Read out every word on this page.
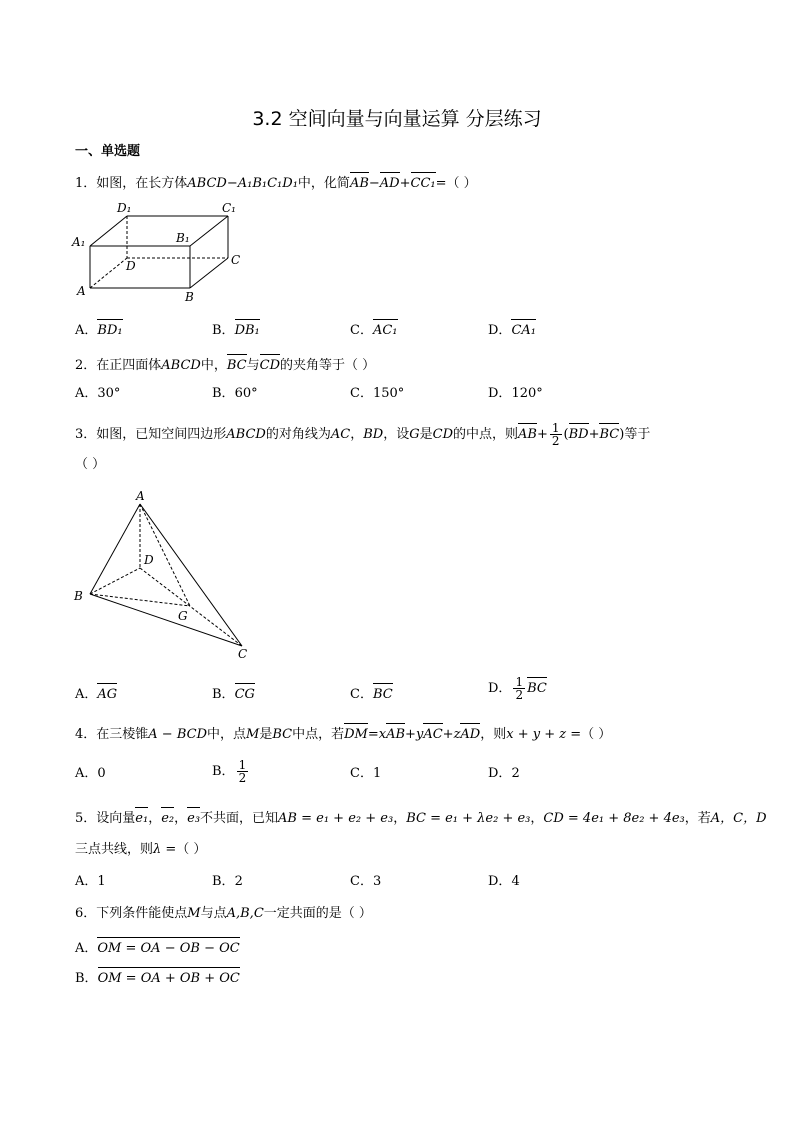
3.2 空间向量与向量运算 分层练习
一、单选题
1．如图，在长方体ABCD−A₁B₁C₁D₁中，化简AB−AD+CC₁=（ ）
D₁	C₁
A₁	B₁
D	C
A	B
A．BD₁	B．DB₁	C．AC₁	D．CA₁
2．在正四面体ABCD中，BC与CD的夹角等于（ ）
A．30°	B．60°	C．150°	D．120°
3．如图，已知空间四边形ABCD的对角线为AC，BD，设G是CD的中点，则$AB+ \frac{1}{2} (BD+BC)$等于
（ ）
A
D
B
G
C
A．AG	B．CG	C．BC	D． $\frac{1}{2}$ BC
4．在三棱锥A − BCD中，点M是BC中点，若DM=xAB+yAC+zAD，则x + y + z =（ ）
A．0	B． $\frac{1}{2}$	C．1	D．2
5．设向量e₁，e₂，e₃不共面，已知AB = e₁ + e₂ + e₃，BC = e₁ + λe₂ + e₃，CD = 4e₁ + 8e₂ + 4e₃，若A，C，D
三点共线，则λ =（ ）
A．1	B．2	C．3	D．4
6．下列条件能使点M与点A,B,C一定共面的是（ ）
A．OM = OA − OB − OC
B．OM = OA + OB + OC
